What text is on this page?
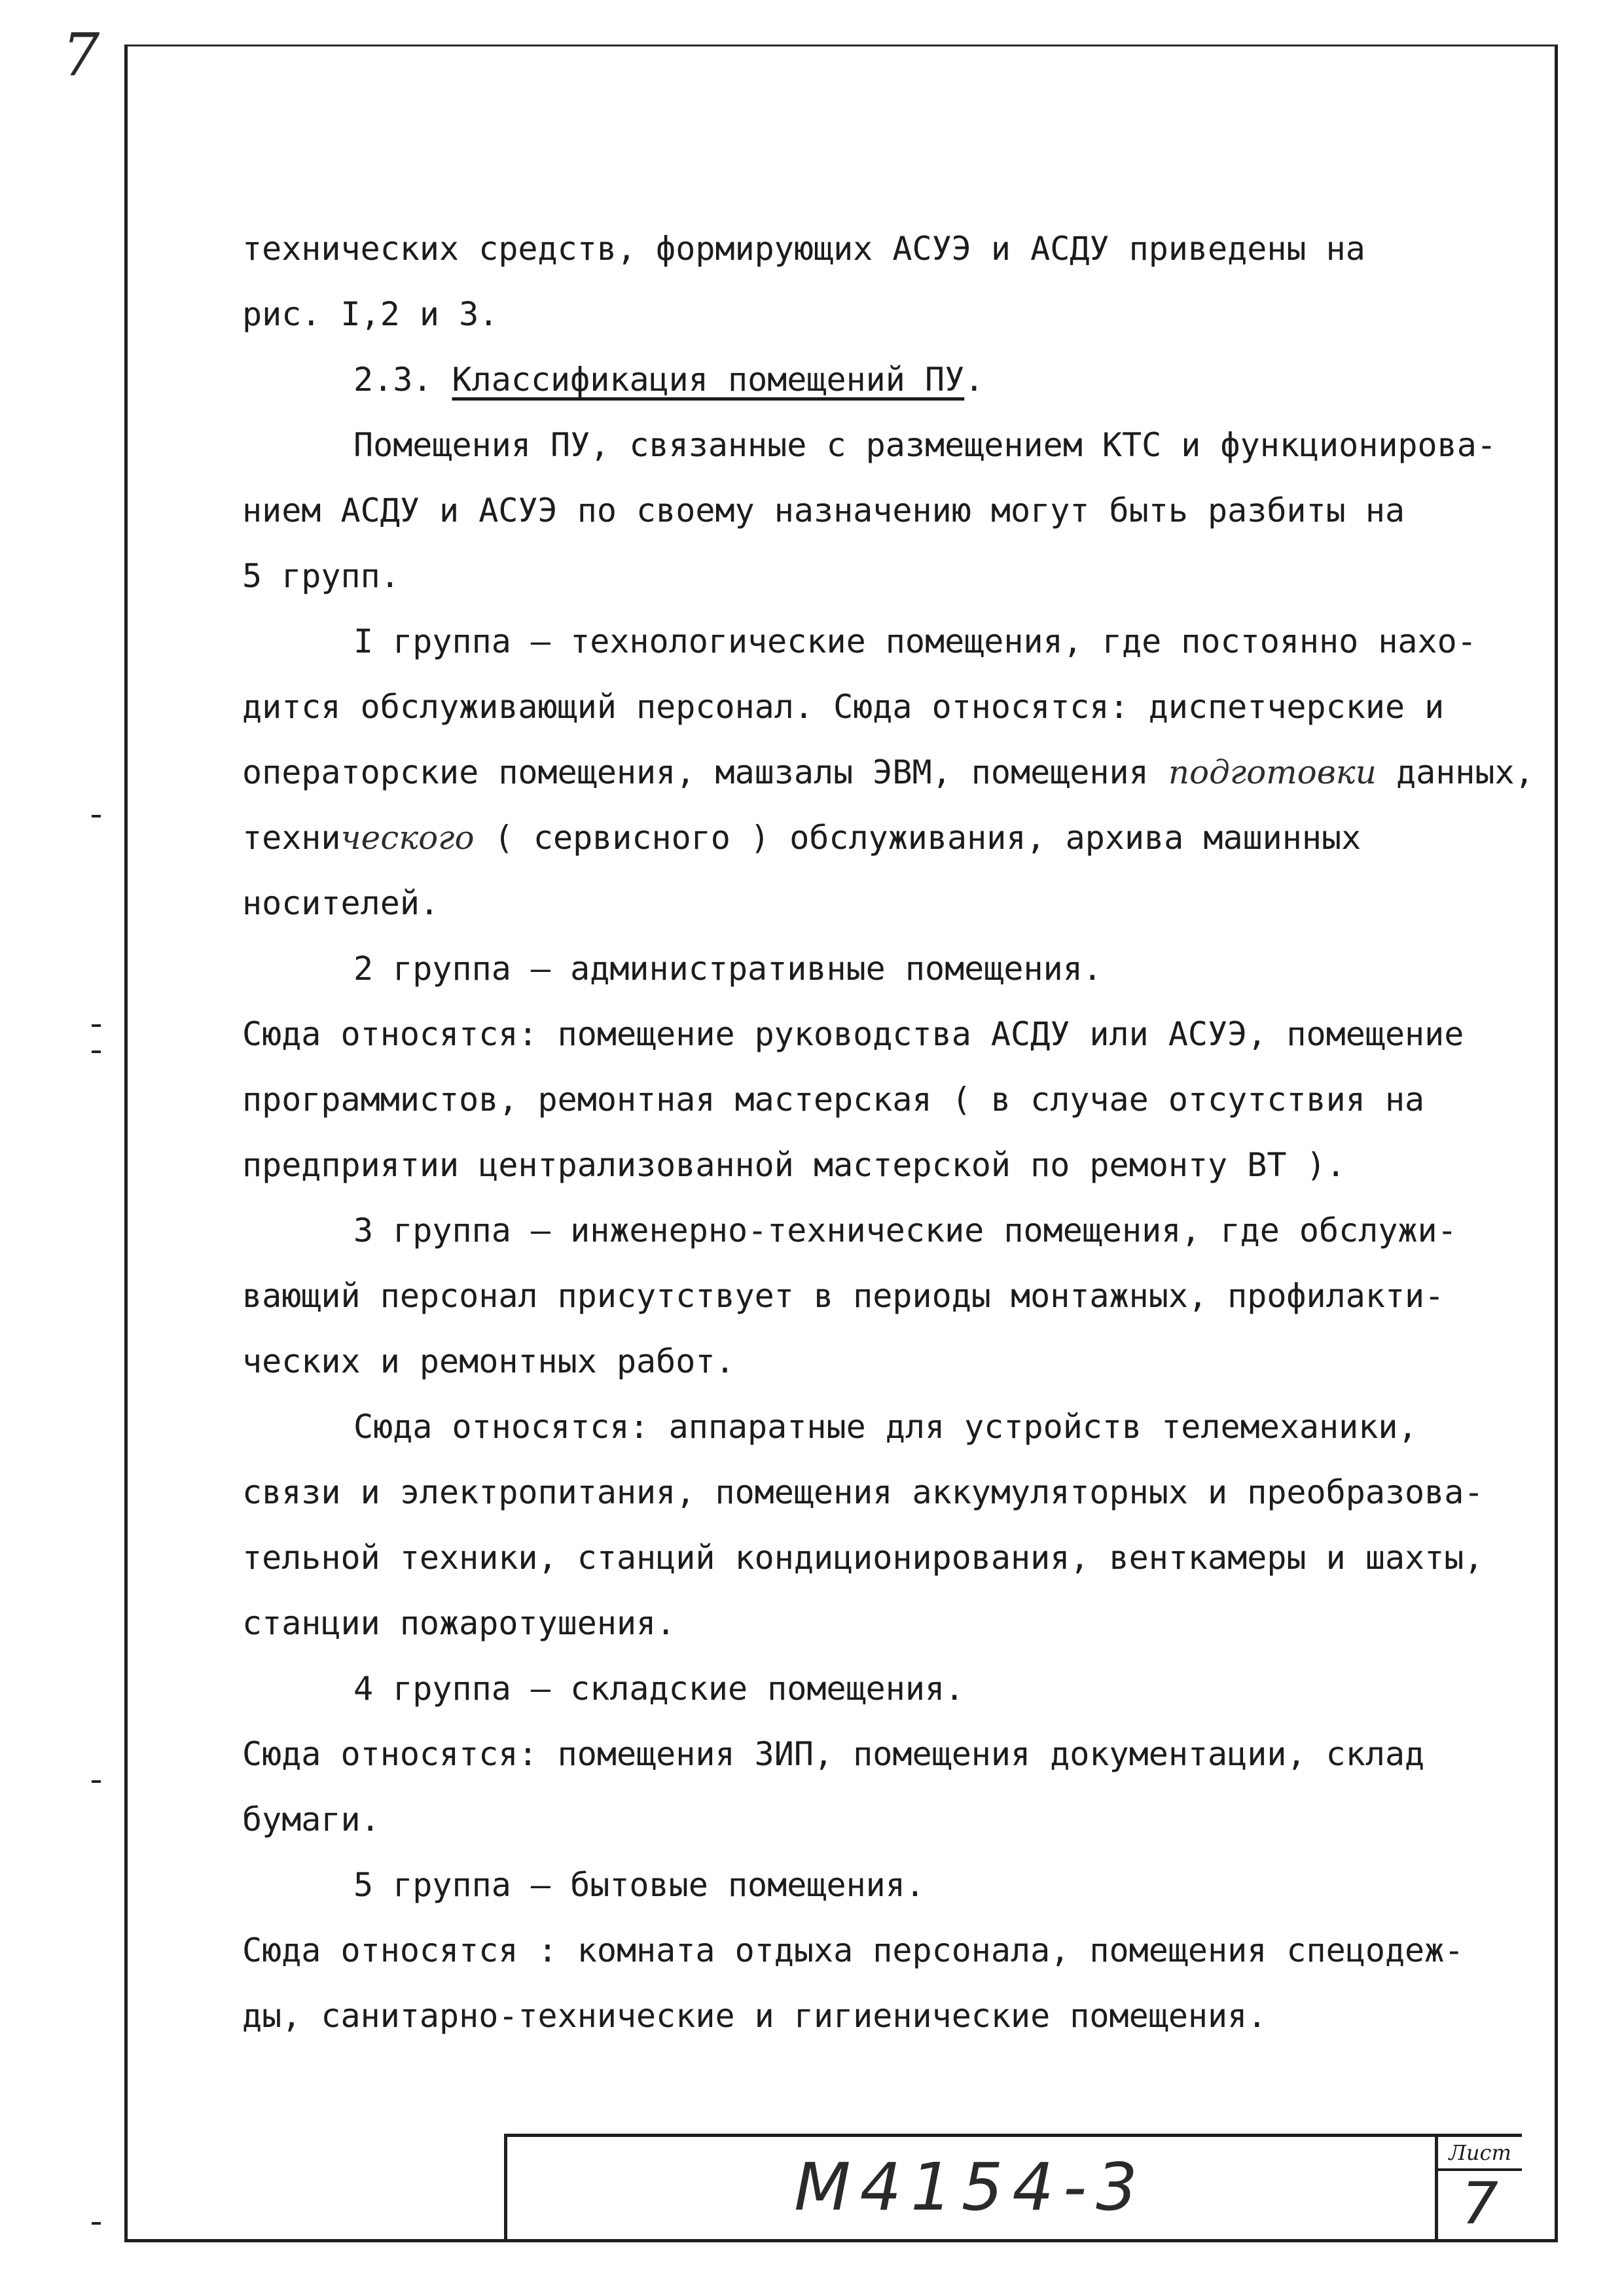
7
технических средств, формирующих АСУЭ и АСДУ приведены на
рис. I,2 и 3.
2.3. Классификация помещений ПУ.
Помещения ПУ, связанные с размещением КТС и функционирова-
нием АСДУ и АСУЭ по своему назначению могут быть разбиты на
5 групп.
I группа – технологические помещения, где постоянно нахо-
дится обслуживающий персонал. Сюда относятся: диспетчерские и
операторские помещения, машзалы ЭВМ, помещения подготовки данных,
технического ( сервисного ) обслуживания, архива машинных
носителей.
2 группа – административные помещения.
Сюда относятся: помещение руководства АСДУ или АСУЭ, помещение
программистов, ремонтная мастерская ( в случае отсутствия на
предприятии централизованной мастерской по ремонту ВТ ).
3 группа – инженерно-технические помещения, где обслужи-
вающий персонал присутствует в периоды монтажных, профилакти-
ческих и ремонтных работ.
Сюда относятся: аппаратные для устройств телемеханики,
связи и электропитания, помещения аккумуляторных и преобразова-
тельной техники, станций кондиционирования, венткамеры и шахты,
станции пожаротушения.
4 группа – складские помещения.
Сюда относятся: помещения ЗИП, помещения документации, склад
бумаги.
5 группа – бытовые помещения.
Сюда относятся : комната отдыха персонала, помещения спецодеж-
ды, санитарно-технические и гигиенические помещения.
М4154-3	Лист
7
